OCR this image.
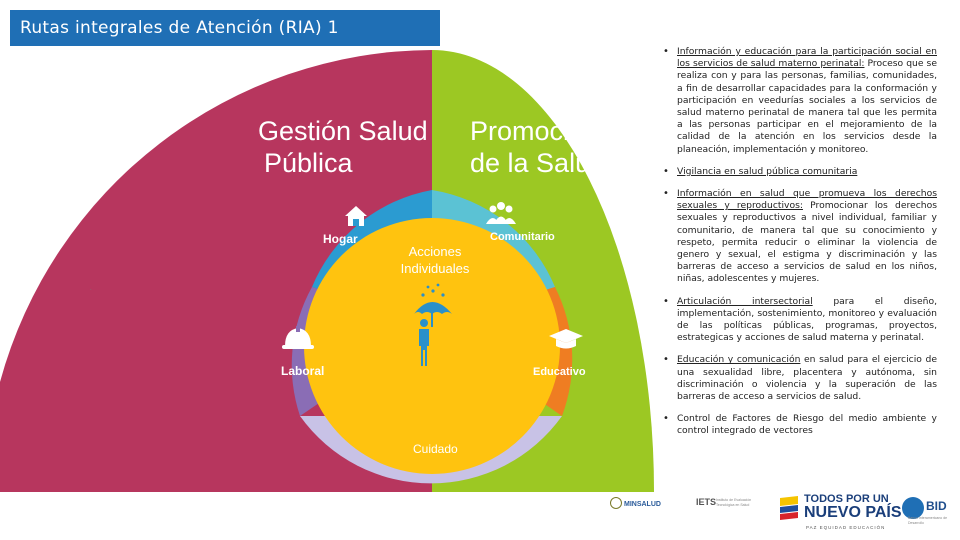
Rutas integrales de Atención (RIA) 1
Gestión Salud
Pública
Promoción
de la Salud
Hogar	Comunitario
Laboral	Educativo
Cuidado
Acciones
Individuales
.
• Información y educación para la participación social en los servicios de salud materno perinatal: Proceso que se realiza con y para las personas, familias, comunidades, a fin de desarrollar capacidades para la conformación y participación en veedurías sociales a los servicios de salud materno perinatal de manera tal que les permita a las personas participar en el mejoramiento de la calidad de la atención en los servicios desde la planeación, implementación y monitoreo.
• Vigilancia en salud pública comunitaria
• Información en salud que promueva los derechos sexuales y reproductivos: Promocionar los derechos sexuales y reproductivos a nivel individual, familiar y comunitario, de manera tal que su conocimiento y respeto, permita reducir o eliminar la violencia de genero y sexual, el estigma y discriminación y las barreras de acceso a servicios de salud en los niños, niñas, adolescentes y mujeres.
• Articulación intersectorial para el diseño, implementación, sostenimiento, monitoreo y evaluación de las políticas públicas, programas, proyectos, estrategicas y acciones de salud materna y perinatal.
• Educación y comunicación en salud para el ejercicio de una sexualidad libre, placentera y autónoma, sin discriminación o violencia y la superación de las barreras de acceso a servicios de salud.
• Control de Factores de Riesgo del medio ambiente y control integrado de vectores
MINSALUD	IETS Instituto de Evaluación Tecnológica en Salud	TODOS POR UN
NUEVO PAÍS
PAZ EQUIDAD EDUCACIÓN
BID
Banco Interamericano de Desarrollo
